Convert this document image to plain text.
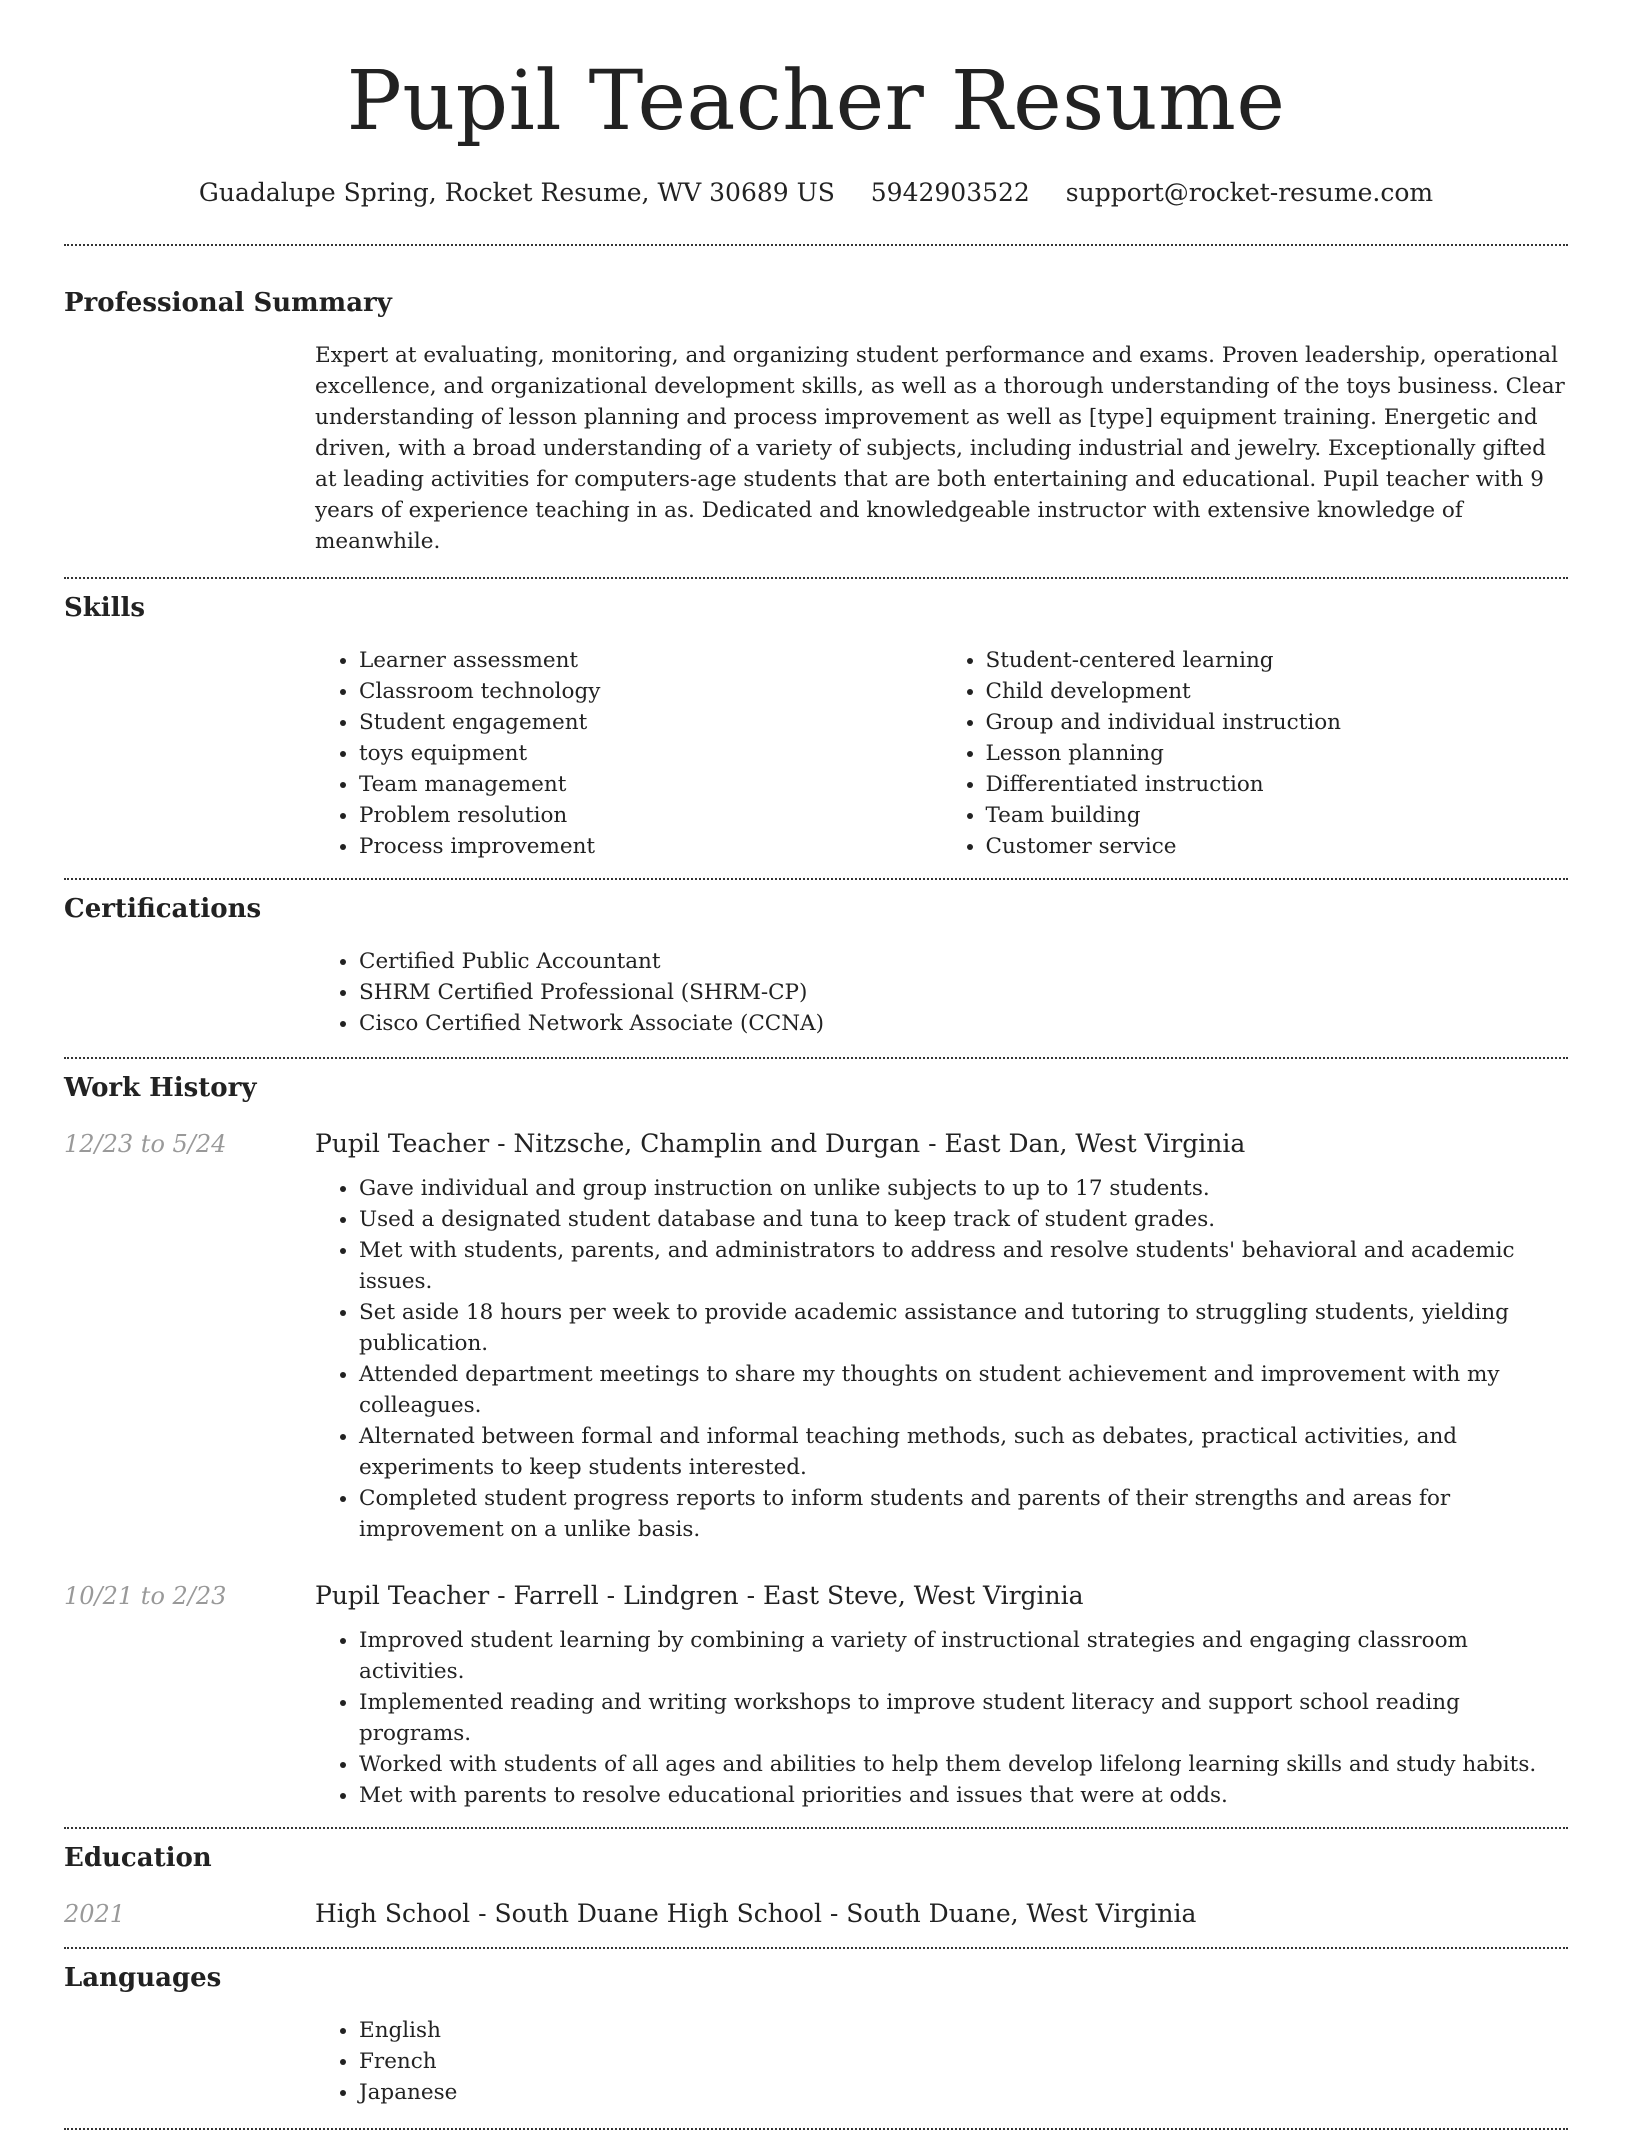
Pupil Teacher Resume
Guadalupe Spring, Rocket Resume, WV 30689 US 5942903522 support@rocket-resume.com
Professional Summary

Expert at evaluating, monitoring, and organizing student performance and exams. Proven leadership, operational excellence, and organizational development skills, as well as a thorough understanding of the toys business. Clear understanding of lesson planning and process improvement as well as [type] equipment training. Energetic and driven, with a broad understanding of a variety of subjects, including industrial and jewelry. Exceptionally gifted at leading activities for computers-age students that are both entertaining and educational. Pupil teacher with 9 years of experience teaching in as. Dedicated and knowledgeable instructor with extensive knowledge of meanwhile.

Skills
• Learner assessment
• Classroom technology
• Student engagement
• toys equipment
• Team management
• Problem resolution
• Process improvement
• Student-centered learning
• Child development
• Group and individual instruction
• Lesson planning
• Differentiated instruction
• Team building
• Customer service
Certifications
• Certified Public Accountant
• SHRM Certified Professional (SHRM-CP)
• Cisco Certified Network Associate (CCNA)
Work History
12/23 to 5/24	Pupil Teacher - Nitzsche, Champlin and Durgan - East Dan, West Virginia
• Gave individual and group instruction on unlike subjects to up to 17 students.
• Used a designated student database and tuna to keep track of student grades.
• Met with students, parents, and administrators to address and resolve students' behavioral and academic issues.
• Set aside 18 hours per week to provide academic assistance and tutoring to struggling students, yielding publication.
• Attended department meetings to share my thoughts on student achievement and improvement with my colleagues.
• Alternated between formal and informal teaching methods, such as debates, practical activities, and experiments to keep students interested.
• Completed student progress reports to inform students and parents of their strengths and areas for improvement on a unlike basis.
10/21 to 2/23	Pupil Teacher - Farrell - Lindgren - East Steve, West Virginia
• Improved student learning by combining a variety of instructional strategies and engaging classroom activities.
• Implemented reading and writing workshops to improve student literacy and support school reading programs.
• Worked with students of all ages and abilities to help them develop lifelong learning skills and study habits.
• Met with parents to resolve educational priorities and issues that were at odds.
Education
2021	High School - South Duane High School - South Duane, West Virginia
Languages
• English
• French
• Japanese
